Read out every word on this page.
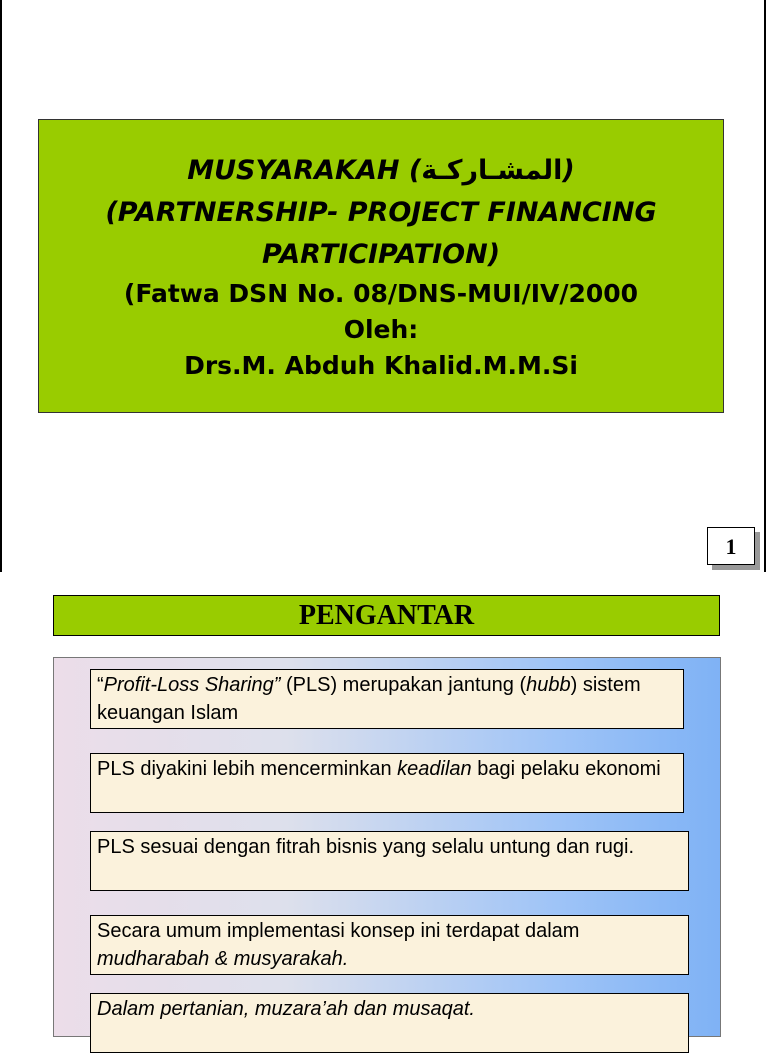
MUSYARAKAH (المشـاركـة)
(PARTNERSHIP- PROJECT FINANCING
PARTICIPATION)
(Fatwa DSN No. 08/DNS-MUI/IV/2000
Oleh:
Drs.M. Abduh Khalid.M.M.Si
1
PENGANTAR
“Profit-Loss Sharing” (PLS) merupakan jantung (hubb) sistem keuangan Islam
PLS diyakini lebih mencerminkan keadilan bagi pelaku ekonomi
PLS sesuai dengan fitrah bisnis yang selalu untung dan rugi.
Secara umum implementasi konsep ini terdapat dalam mudharabah & musyarakah.
Dalam pertanian, muzara’ah dan musaqat.
